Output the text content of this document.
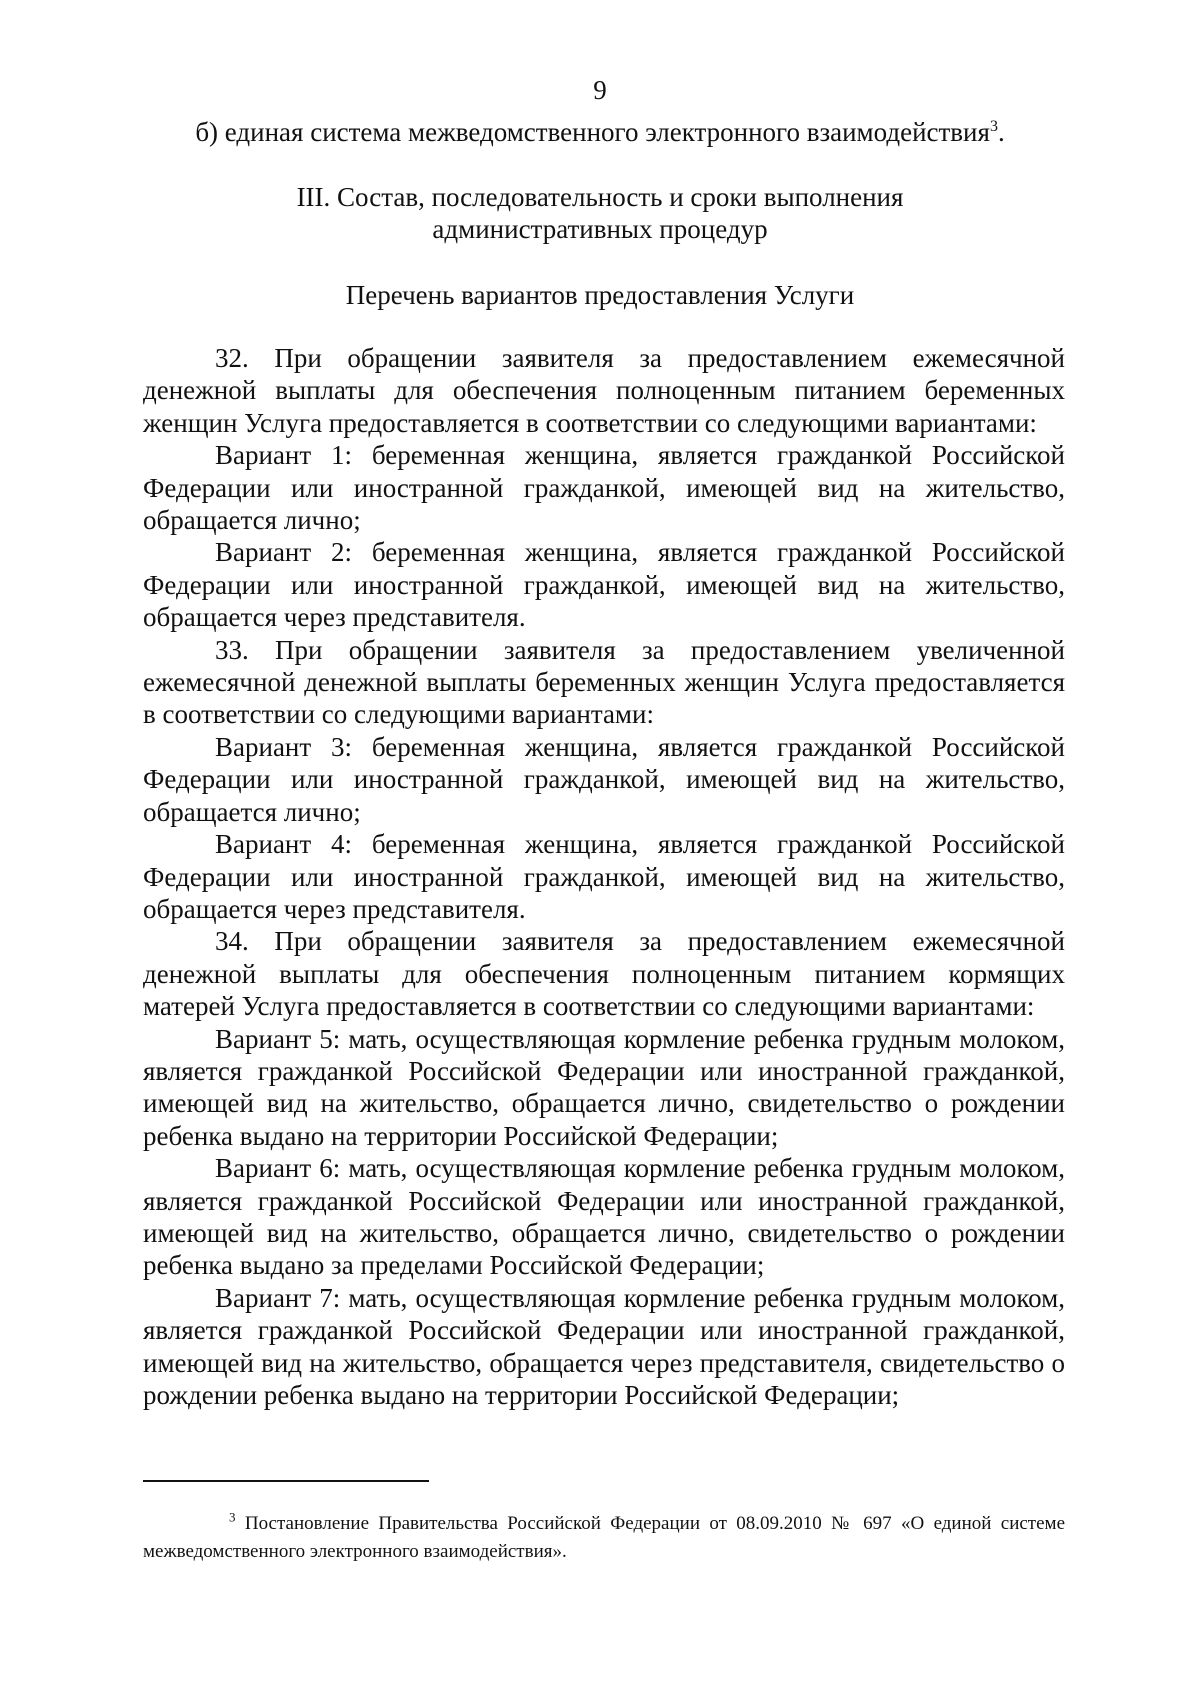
9
б) единая система межведомственного электронного взаимодействия$^3$.
III. Состав, последовательность и сроки выполнения административных процедур
Перечень вариантов предоставления Услуги

32. При обращении заявителя за предоставлением ежемесячной денежной выплаты для обеспечения полноценным питанием беременных женщин Услуга предоставляется в соответствии со следующими вариантами:

Вариант 1: беременная женщина, является гражданкой Российской Федерации или иностранной гражданкой, имеющей вид на жительство, обращается лично;

Вариант 2: беременная женщина, является гражданкой Российской Федерации или иностранной гражданкой, имеющей вид на жительство, обращается через представителя.

33. При обращении заявителя за предоставлением увеличенной ежемесячной денежной выплаты беременных женщин Услуга предоставляется в соответствии со следующими вариантами:

Вариант 3: беременная женщина, является гражданкой Российской Федерации или иностранной гражданкой, имеющей вид на жительство, обращается лично;

Вариант 4: беременная женщина, является гражданкой Российской Федерации или иностранной гражданкой, имеющей вид на жительство, обращается через представителя.

34. При обращении заявителя за предоставлением ежемесячной денежной выплаты для обеспечения полноценным питанием кормящих матерей Услуга предоставляется в соответствии со следующими вариантами:

Вариант 5: мать, осуществляющая кормление ребенка грудным молоком, является гражданкой Российской Федерации или иностранной гражданкой, имеющей вид на жительство, обращается лично, свидетельство о рождении ребенка выдано на территории Российской Федерации;

Вариант 6: мать, осуществляющая кормление ребенка грудным молоком, является гражданкой Российской Федерации или иностранной гражданкой, имеющей вид на жительство, обращается лично, свидетельство о рождении ребенка выдано за пределами Российской Федерации;

Вариант 7: мать, осуществляющая кормление ребенка грудным молоком, является гражданкой Российской Федерации или иностранной гражданкой, имеющей вид на жительство, обращается через представителя, свидетельство о рождении ребенка выдано на территории Российской Федерации;

$^3$ Постановление Правительства Российской Федерации от 08.09.2010 № 697 «О единой системе межведомственного электронного взаимодействия».
